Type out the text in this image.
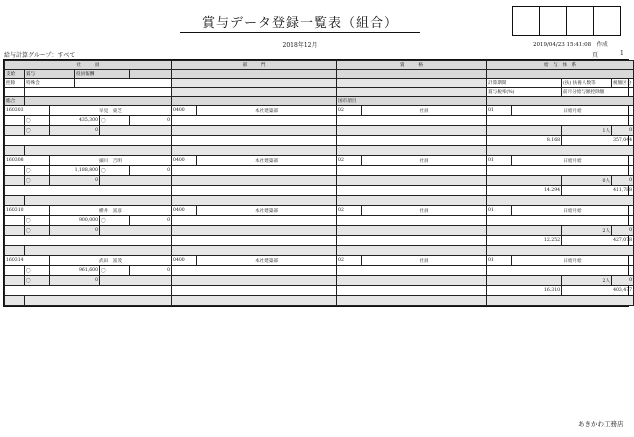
賞与データ登録一覧表（組合）
2018年12月	2019/04/23 15:41:08　作成
給与計算グループ：すべて	頁	1
社　　　員						部　　　門		資　　　格		給　与　体　系			
支給	賞与		役員報酬										
控除	特殊会									計算期間		(扶) 扶養人数等	税額区分
										賞与税率(%)		前月分給与額控除額	
総合								国市項目					
160303		早見　東芝				0400	本社建築部	02	社員	01	日給月給		
	〇	435,300		〇	0								
	〇	0										1人	0
										8.168		357,044	

160308		細川　吉明				0400	本社建築部	02	社員	01	日給月給		
	〇	1,188,800		〇	0								
	〇	0										0人	0
										14.294		411,788	

160310		横井　富彦				0400	本社建築部	02	社員	01	日給月給		
	〇	900,000		〇	0								
	〇	0										2人	0
										12.252		427,078	

160314		武田　富茂				0400	本社建築部	02	社員	01	日給月給		
	〇	961,600		〇	0								
	〇	0										2人	0
										16.310		403,477	

あきかわ工務店
